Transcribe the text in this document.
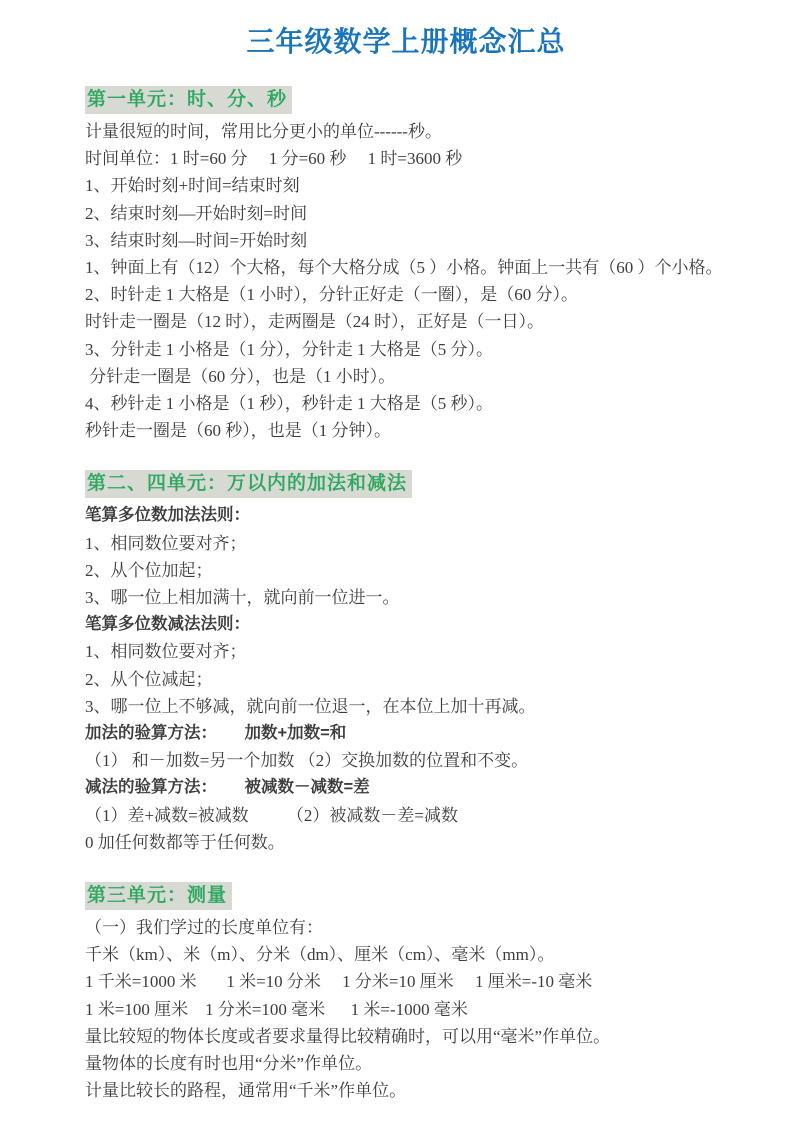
三年级数学上册概念汇总
第一单元：时、分、秒

计量很短的时间，常用比分更小的单位------秒。

时间单位：1 时=60 分     1 分=60 秒     1 时=3600 秒

1、开始时刻+时间=结束时刻

2、结束时刻—开始时刻=时间

3、结束时刻—时间=开始时刻

1、钟面上有（12）个大格，每个大格分成（5 ）小格。钟面上一共有（60 ）个小格。

2、时针走 1 大格是（1 小时），分针正好走（一圈），是（60 分）。

时针走一圈是（12 时），走两圈是（24 时），正好是（一日）。

3、分针走 1 小格是（1 分），分针走 1 大格是（5 分）。

分针走一圈是（60 分），也是（1 小时）。

4、秒针走 1 小格是（1 秒），秒针走 1 大格是（5 秒）。

秒针走一圈是（60 秒），也是（1 分钟）。

第二、四单元：万以内的加法和减法

笔算多位数加法法则：

1、相同数位要对齐；

2、从个位加起；

3、哪一位上相加满十，就向前一位进一。

笔算多位数减法法则：

1、相同数位要对齐；

2、从个位减起；

3、哪一位上不够减，就向前一位退一，在本位上加十再减。

加法的验算方法：      加数+加数=和

（1） 和－加数=另一个加数 （2）交换加数的位置和不变。

减法的验算方法：      被减数－减数=差

（1）差+减数=被减数         （2）被减数－差=减数

0 加任何数都等于任何数。

第三单元：测量

（一）我们学过的长度单位有：

千米（km）、米（m）、分米（dm）、厘米（cm）、毫米（mm）。

1 千米=1000 米       1 米=10 分米     1 分米=10 厘米     1 厘米=-10 毫米

1 米=100 厘米    1 分米=100 毫米      1 米=-1000 毫米

量比较短的物体长度或者要求量得比较精确时，可以用“毫米”作单位。

量物体的长度有时也用“分米”作单位。

计量比较长的路程，通常用“千米”作单位。
